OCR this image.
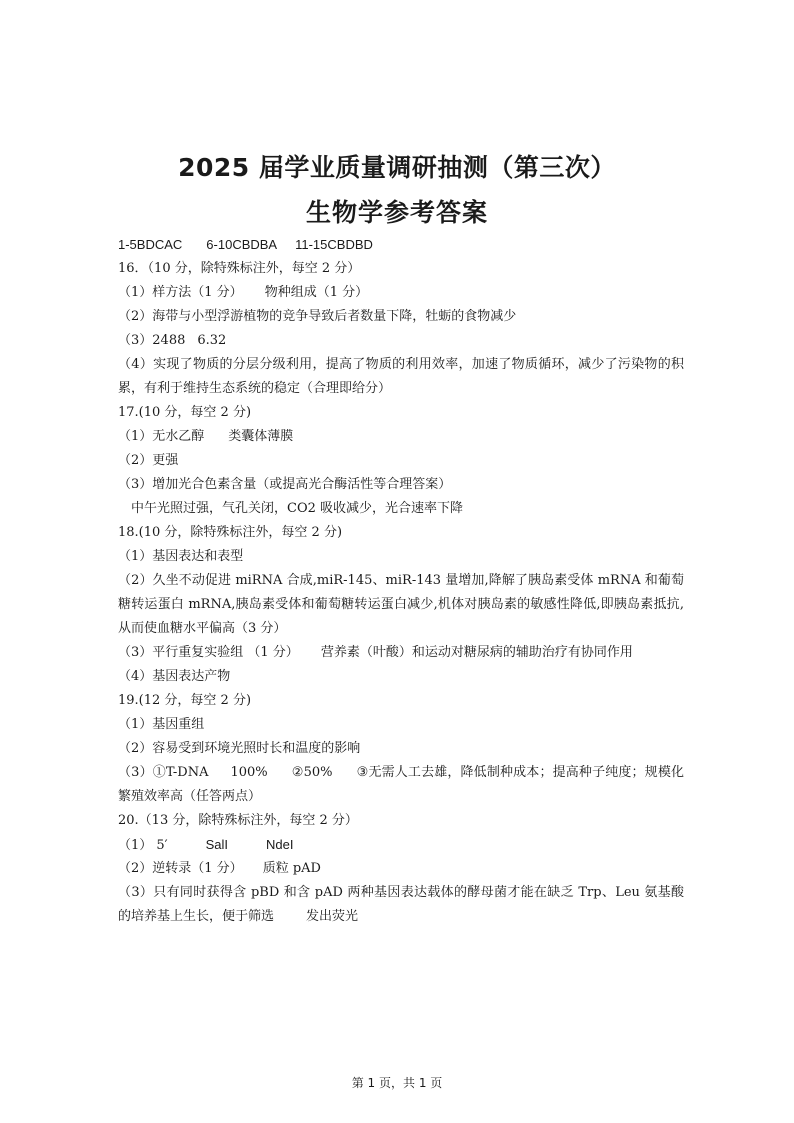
2025 届学业质量调研抽测（第三次）
生物学参考答案
1-5BDCAC 6-10CBDBA 11-15CBDBD
16．（10 分，除特殊标注外，每空 2 分）
（1）样方法（1 分） 物种组成（1 分）
（2）海带与小型浮游植物的竞争导致后者数量下降，牡蛎的食物减少
（3）2488 6.32
（4）实现了物质的分层分级利用，提高了物质的利用效率，加速了物质循环，减少了污染物的积累，有利于维持生态系统的稳定（合理即给分）
17.(10 分，每空 2 分)
（1）无水乙醇 类囊体薄膜
（2）更强
（3）增加光合色素含量（或提高光合酶活性等合理答案）
中午光照过强，气孔关闭，CO2 吸收减少，光合速率下降
18.(10 分，除特殊标注外，每空 2 分)
（1）基因表达和表型
（2）久坐不动促进 miRNA 合成,miR-145、miR-143 量增加,降解了胰岛素受体 mRNA 和葡萄糖转运蛋白 mRNA,胰岛素受体和葡萄糖转运蛋白减少,机体对胰岛素的敏感性降低,即胰岛素抵抗,从而使血糖水平偏高（3 分）
（3）平行重复实验组 （1 分） 营养素（叶酸）和运动对糖尿病的辅助治疗有协同作用
（4）基因表达产物
19.(12 分，每空 2 分)
（1）基因重组
（2）容易受到环境光照时长和温度的影响
（3）①T-DNA 100% ②50% ③无需人工去雄，降低制种成本；提高种子纯度；规模化繁殖效率高（任答两点）
20.（13 分，除特殊标注外，每空 2 分）
（1） 5′	SalI	NdeI
（2）逆转录（1 分） 质粒 pAD
（3）只有同时获得含 pBD 和含 pAD 两种基因表达载体的酵母菌才能在缺乏 Trp、Leu 氨基酸的培养基上生长，便于筛选 发出荧光
第 1 页，共 1 页
